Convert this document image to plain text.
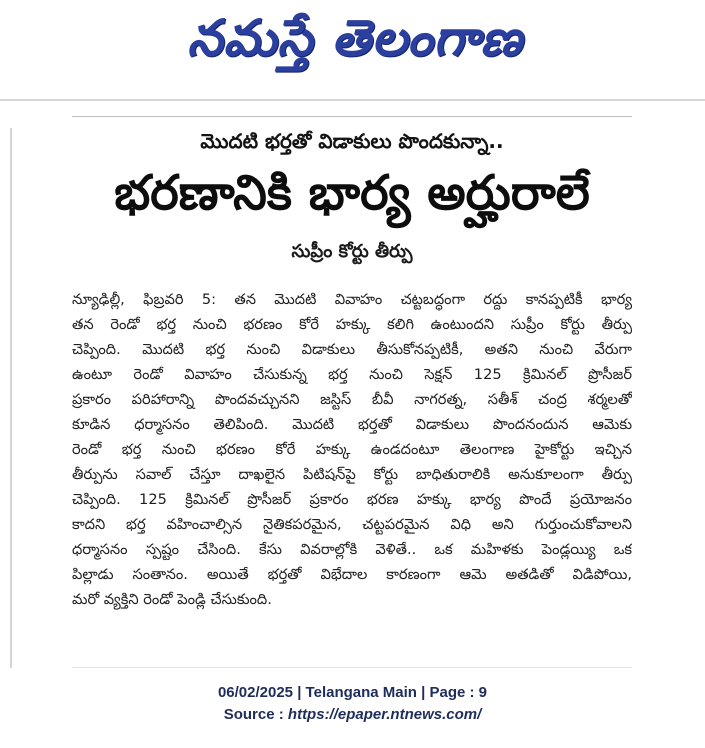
నమస్తే తెలంగాణ
మొదటి భర్తతో విడాకులు పొందకున్నా..
భరణానికి భార్య అర్హురాలే
సుప్రీం కోర్టు తీర్పు
న్యూఢిల్లీ, ఫిబ్రవరి 5: తన మొదటి వివాహం చట్టబద్ధంగా రద్దు కానప్పటికీ భార్య
తన రెండో భర్త నుంచి భరణం కోరే హక్కు కలిగి ఉంటుందని సుప్రీం కోర్టు తీర్పు
చెప్పింది. మొదటి భర్త నుంచి విడాకులు తీసుకోనప్పటికీ, అతని నుంచి వేరుగా
ఉంటూ రెండో వివాహం చేసుకున్న భర్త నుంచి సెక్షన్ 125 క్రిమినల్ ప్రొసీజర్
ప్రకారం పరిహారాన్ని పొందవచ్చునని జస్టిస్ బీవీ నాగరత్న, సతీశ్ చంద్ర శర్మలతో
కూడిన ధర్మాసనం తెలిపింది. మొదటి భర్తతో విడాకులు పొందనందున ఆమెకు
రెండో భర్త నుంచి భరణం కోరే హక్కు ఉండదంటూ తెలంగాణ హైకోర్టు ఇచ్చిన
తీర్పును సవాల్ చేస్తూ దాఖలైన పిటిషన్‌పై కోర్టు బాధితురాలికి అనుకూలంగా తీర్పు
చెప్పింది. 125 క్రిమినల్ ప్రొసీజర్ ప్రకారం భరణ హక్కు భార్య పొందే ప్రయోజనం
కాదని భర్త వహించాల్సిన నైతికపరమైన, చట్టపరమైన విధి అని గుర్తుంచుకోవాలని
ధర్మాసనం స్పష్టం చేసింది. కేసు వివరాల్లోకి వెళితే.. ఒక మహిళకు పెండ్లయ్యి ఒక
పిల్లాడు సంతానం. అయితే భర్తతో విభేదాల కారణంగా ఆమె అతడితో విడిపోయి,
మరో వ్యక్తిని రెండో పెండ్లి చేసుకుంది.
06/02/2025 | Telangana Main | Page : 9
Source : https://epaper.ntnews.com/
